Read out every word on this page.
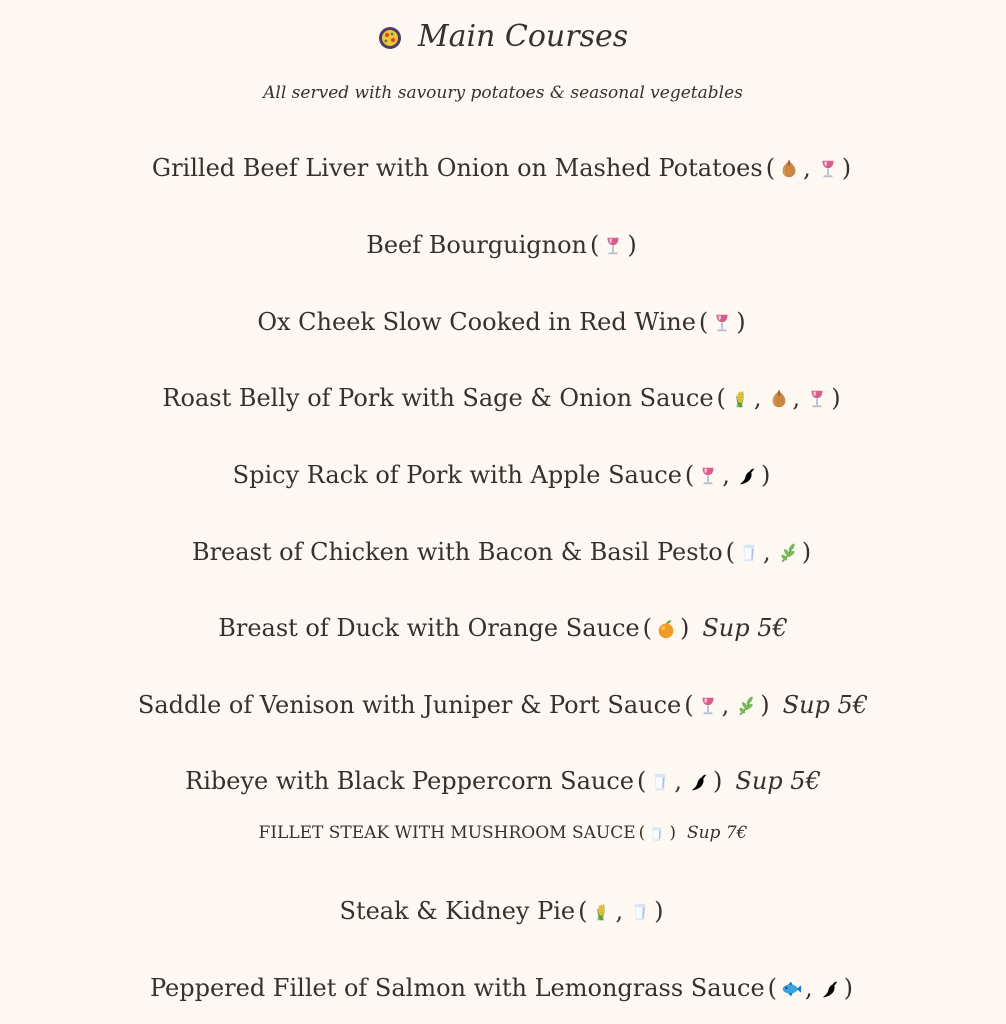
Main Courses
All served with savoury potatoes & seasonal vegetables
Grilled Beef Liver with Onion on Mashed Potatoes ( , )
Beef Bourguignon ( )
Ox Cheek Slow Cooked in Red Wine ( )
Roast Belly of Pork with Sage & Onion Sauce ( , , )
Spicy Rack of Pork with Apple Sauce ( , )
Breast of Chicken with Bacon & Basil Pesto ( , )
Breast of Duck with Orange Sauce ( ) Sup 5€
Saddle of Venison with Juniper & Port Sauce ( , ) Sup 5€
Ribeye with Black Peppercorn Sauce ( , ) Sup 5€
FILLET STEAK WITH MUSHROOM SAUCE ( ) Sup 7€
Steak & Kidney Pie ( , )
Peppered Fillet of Salmon with Lemongrass Sauce ( , )
